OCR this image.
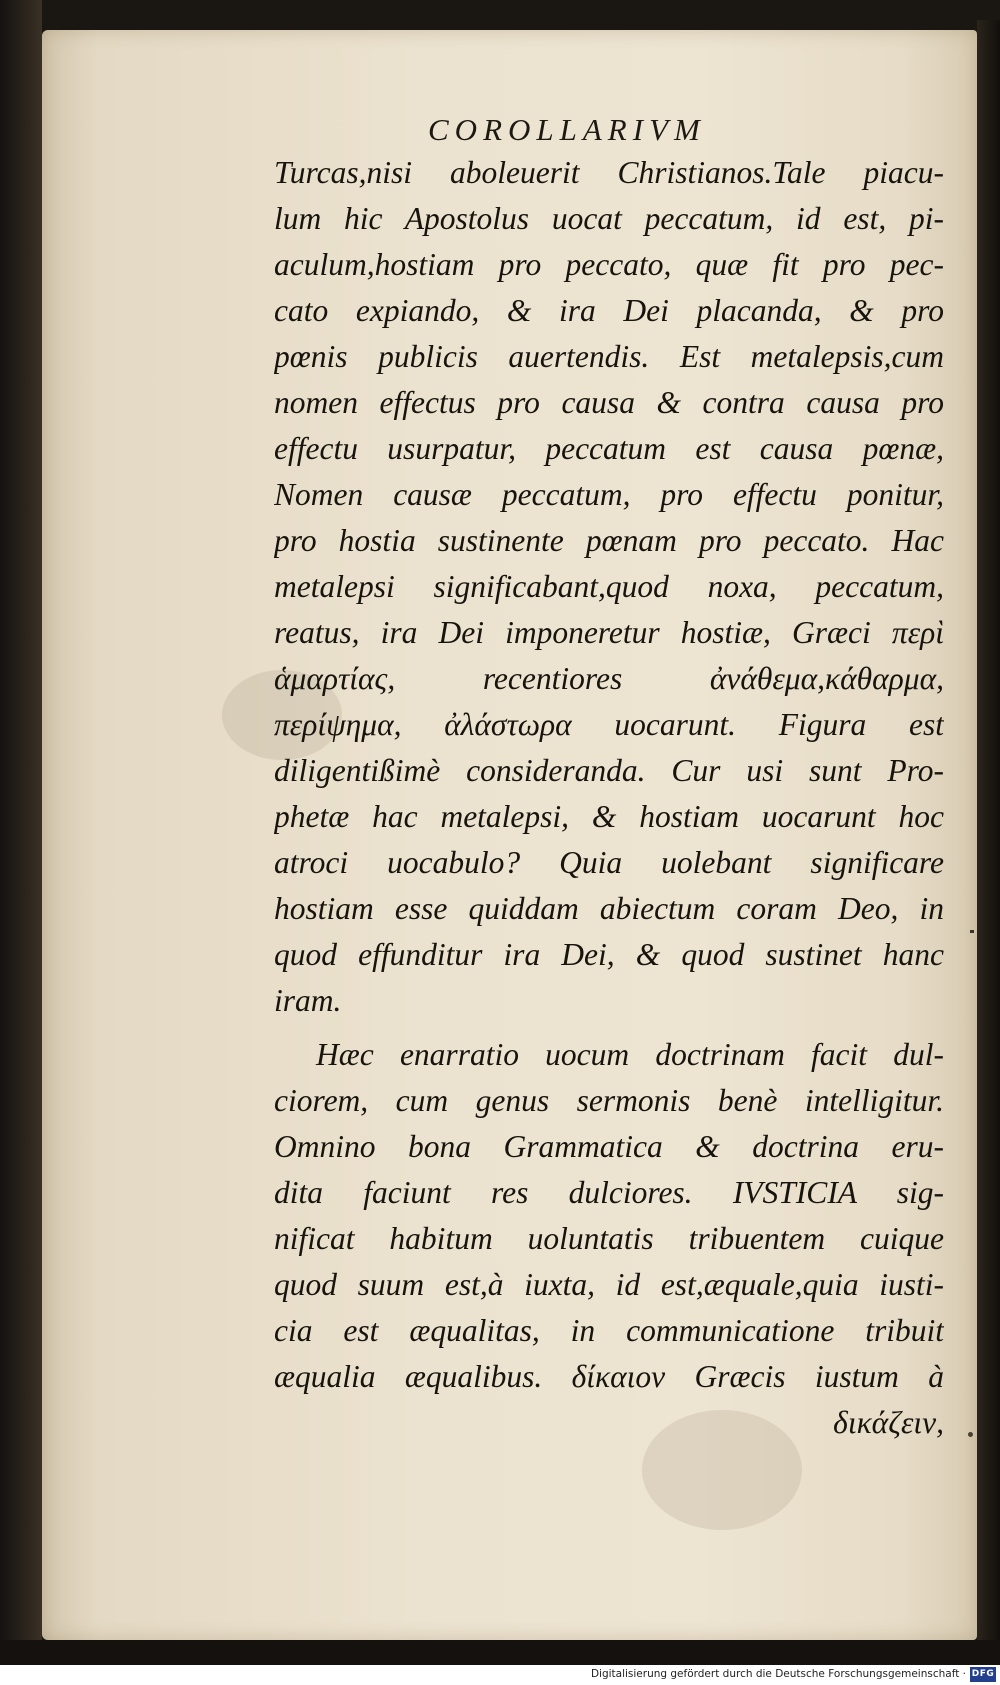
COROLLARIVM
Turcas,nisi aboleuerit Christianos.Tale piacu-
lum hic Apostolus uocat peccatum, id est, pi-
aculum,hostiam pro peccato, quæ fit pro pec-
cato expiando, & ira Dei placanda, & pro
pœnis publicis auertendis. Est metalepsis,cum
nomen effectus pro causa & contra causa pro
effectu usurpatur, peccatum est causa pœnæ,
Nomen causæ peccatum, pro effectu ponitur,
pro hostia sustinente pœnam pro peccato. Hac
metalepsi significabant,quod noxa, peccatum,
reatus, ira Dei imponeretur hostiæ, Græci περὶ
ἁμαρτίας, recentiores ἀνάθεμα,κάθαρμα,
περίψημα, ἀλάστωρα uocarunt. Figura est
diligentißimè consideranda. Cur usi sunt Pro-
phetæ hac metalepsi, & hostiam uocarunt hoc
atroci uocabulo? Quia uolebant significare
hostiam esse quiddam abiectum coram Deo, in
quod effunditur ira Dei, & quod sustinet hanc
iram.
Hæc enarratio uocum doctrinam facit dul-
ciorem, cum genus sermonis benè intelligitur.
Omnino bona Grammatica & doctrina eru-
dita faciunt res dulciores. IVSTICIA sig-
nificat habitum uoluntatis tribuentem cuique
quod suum est,à iuxta, id est,æquale,quia iusti-
cia est æqualitas, in communicatione tribuit
æqualia æqualibus. δίκαιον Græcis iustum à
δικάζειν,
Digitalisierung gefördert durch die Deutsche Forschungsgemeinschaft · DFG
